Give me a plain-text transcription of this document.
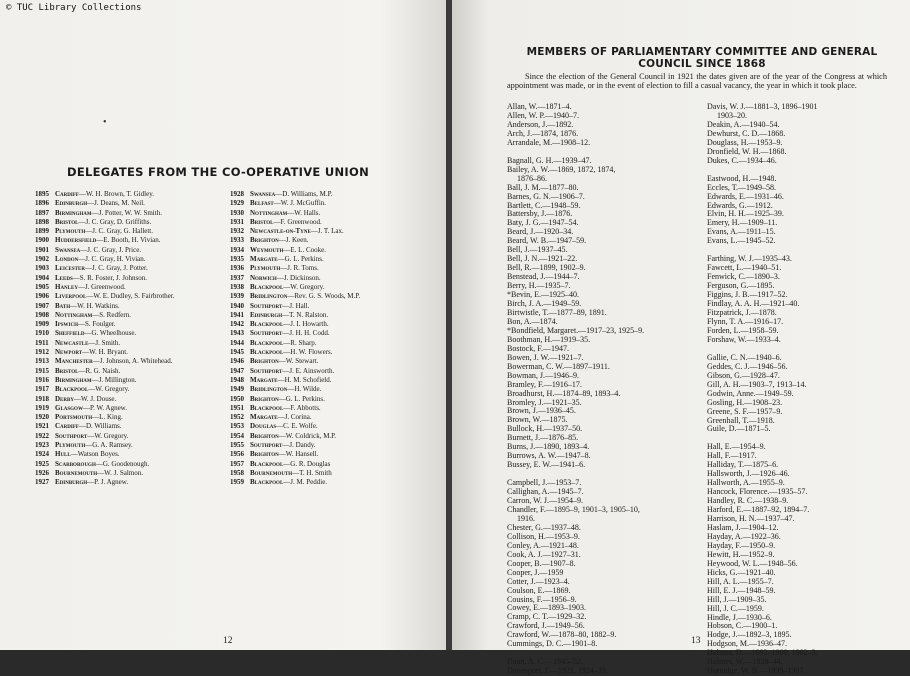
© TUC Library Collections
•
DELEGATES FROM THE CO-OPERATIVE UNION
1895 Cardiff—W. H. Brown, T. Gidley.
1896 Edinburgh—J. Deans, M. Neil.
1897 Birmingham—J. Potter, W. W. Smith.
1898 Bristol—J. C. Gray, D. Griffiths.
1899 Plymouth—J. C. Gray, G. Hallett.
1900 Huddersfield—E. Booth, H. Vivian.
1901 Swansea—J. C. Gray, J. Price.
1902 London—J. C. Gray, H. Vivian.
1903 Leicester—J. C. Gray, J. Potter.
1904 Leeds—S. R. Foster, J. Johnson.
1905 Hanley—J. Greenwood.
1906 Liverpool—W. E. Dudley, S. Fairbrother.
1907 Bath—W. H. Watkins.
1908 Nottingham—S. Redfern.
1909 Ipswich—S. Foulger.
1910 Sheffield—G. Wheelhouse.
1911 Newcastle—J. Smith.
1912 Newport—W. H. Bryant.
1913 Manchester—J. Johnson, A. Whitehead.
1915 Bristol—R. G. Naish.
1916 Birmingham—J. Millington.
1917 Blackpool—W. Gregory.
1918 Derby—W. J. Douse.
1919 Glasgow—P. W. Agnew.
1920 Portsmouth—L. King.
1921 Cardiff—D. Williams.
1922 Southport—W. Gregory.
1923 Plymouth—G. A. Ramsey.
1924 Hull—Watson Boyes.
1925 Scarborough—G. Goodenough.
1926 Bournemouth—W. J. Salmon.
1927 Edinburgh—P. J. Agnew.
1928 Swansea—D. Williams, M.P.
1929 Belfast—W. J. McGuffin.
1930 Nottingham—W. Halls.
1931 Bristol—F. Greenwood.
1932 Newcastle-on-Tyne—J. T. Lax.
1933 Brighton—J. Keen.
1934 Weymouth—E. L. Cooke.
1935 Margate—G. L. Perkins.
1936 Plymouth—J. R. Toms.
1937 Norwich—J. Dickinson.
1938 Blackpool—W. Gregory.
1939 Bridlington—Rev. G. S. Woods, M.P.
1940 Southport—J. Hall.
1941 Edinburgh—T. N. Ralston.
1942 Blackpool—J. I. Howarth.
1943 Southport—J. H. H. Codd.
1944 Blackpool—R. Sharp.
1945 Blackpool—H. W. Flowers.
1946 Brighton—W. Stewart.
1947 Southport—J. E. Ainsworth.
1948 Margate—H. M. Schofield.
1949 Bridlington—H. Wilde.
1950 Brighton—G. L. Perkins.
1951 Blackpool—F. Abbotts.
1952 Margate—J. Corina.
1953 Douglas—C. E. Wolfe.
1954 Brighton—W. Coldrick, M.P.
1955 Southport—J. Dandy.
1956 Brighton—W. Hansell.
1957 Blackpool—G. R. Douglas
1958 Bournemouth—T. H. Smith
1959 Blackpool—J. M. Peddie.
12
MEMBERS OF PARLIAMENTARY COMMITTEE AND GENERAL
COUNCIL SINCE 1868
Since the election of the General Council in 1921 the dates given are of the year of the Congress at which appointment was made, or in the event of election to fill a casual vacancy, the year in which it took place.
Allan, W.—1871–4.
Allen, W. P.—1940–7.
Anderson, J.—1892.
Arch, J.—1874, 1876.
Arrandale, M.—1908–12.
Bagnall, G. H.—1939–47.
Bailey, A. W.—1869, 1872, 1874,
1876–86.
Ball, J. M.—1877–80.
Barnes, G. N.—1906–7.
Bartlett, C.—1948–59.
Battersby, J.—1876.
Baty, J. G.—1947–54.
Beard, J.—1920–34.
Beard, W. B.—1947–59.
Bell, J.—1937–45.
Bell, J. N.—1921–22.
Bell, R.—1899, 1902–9.
Benstead, J.—1944–7.
Berry, H.—1935–7.
*Bevin, E.—1925–40.
Birch, J. A.—1949–59.
Birtwistle, T.—1877–89, 1891.
Bon, A.—1874.
*Bondfield, Margaret.—1917–23, 1925–9.
Boothman, H.—1919–35.
Bostock, F.—1947.
Bowen, J. W.—1921–7.
Bowerman, C. W.—1897–1911.
Bowman, J.—1946–9.
Bramley, F.—1916–17.
Broadhurst, H.—1874–89, 1893–4.
Bromley, J.—1921–35.
Brown, J.—1936–45.
Brown, W.—1875.
Bullock, H.—1937–50.
Burnett, J.—1876–85.
Burns, J.—1890, 1893–4.
Burrows, A. W.—1947–8.
Bussey, E. W.—1941–6.
Campbell, J.—1953–7.
Callighan, A.—1945–7.
Carron, W. J.—1954–9.
Chandler, F.—1895–9, 1901–3, 1905–10,
1916.
Chester, G.—1937–48.
Collison, H.—1953–9.
Conley, A.—1921–48.
Cook, A. J.—1927–31.
Cooper, B.—1907–8.
Cooper, J.—1959
Cotter, J.—1923–4.
Coulson, E.—1869.
Cousins, F.—1956–9.
Cowey, E.—1893–1903.
Cramp, C. T.—1929–32.
Crawford, J.—1949–56.
Crawford, W.—1878–80, 1882–9.
Cummings, D. C.—1901–8.
Dann, A. C.—1945–52.
Davenport, J.—1921, 1924–33.
Davis, W. J.—1881–3, 1896–1901
1903–20.
Deakin, A.—1940–54.
Dewhurst, C. D.—1868.
Douglass, H.—1953–9.
Dronfield, W. H.—1868.
Dukes, C.—1934–46.
Eastwood, H.—1948.
Eccles, T.—1949–58.
Edwards, E.—1931–46.
Edwards, G.—1912.
Elvin, H. H.—1925–39.
Emery, H.—1909–11.
Evans, A.—1911–15.
Evans, L.—1945–52.
Farthing, W. J.—1935–43.
Fawcett, L.—1940–51.
Fenwick, C.—1890–3.
Ferguson, G.—1895.
Figgins, J. B.—1917–52.
Findlay, A. A. H.—1921–40.
Fitzpatrick, J.—1878.
Flynn, T. A.—1916–17.
Forden, L.—1958–59.
Forshaw, W.—1933–4.
Gallie, C. N.—1940–6.
Geddes, C. J.—1946–56.
Gibson, G.—1928–47.
Gill, A. H.—1903–7, 1913–14.
Godwin, Anne.—1949–59.
Gosling, H.—1908–23.
Greene, S. F.—1957–9.
Greenhall, T.—1918.
Guile, D.—1871–5.
Hall, E.—1954–9.
Hall, F.—1917.
Halliday, T.—1875–6.
Hallsworth, J.—1926–46.
Hallworth, A.—1955–9.
Hancock, Florence.—1935–57.
Handley, R. C.—1938–9.
Harford, E.—1887–92, 1894–7.
Harrison, H. N.—1937–47.
Haslam, J.—1904–12.
Hayday, A.—1922–36.
Hayday, F.—1950–9.
Hewitt, H.—1952–9.
Heywood, W. L.—1948–56.
Hicks, G.—1921–40.
Hill, A. L.—1955–7.
Hill, E. J.—1948–59.
Hill, J.—1909–35.
Hill, J. C.—1959.
Hindle, J.—1930–6.
Hobson, C.—1900–1.
Hodge, J.—1892–3, 1895.
Hodgson, M.—1936–47.
Holmes, D.—1892–1900, 1902–3.
Holmes, W.—1928–44.
Hornidge, W. B.—1899–1907.
13
